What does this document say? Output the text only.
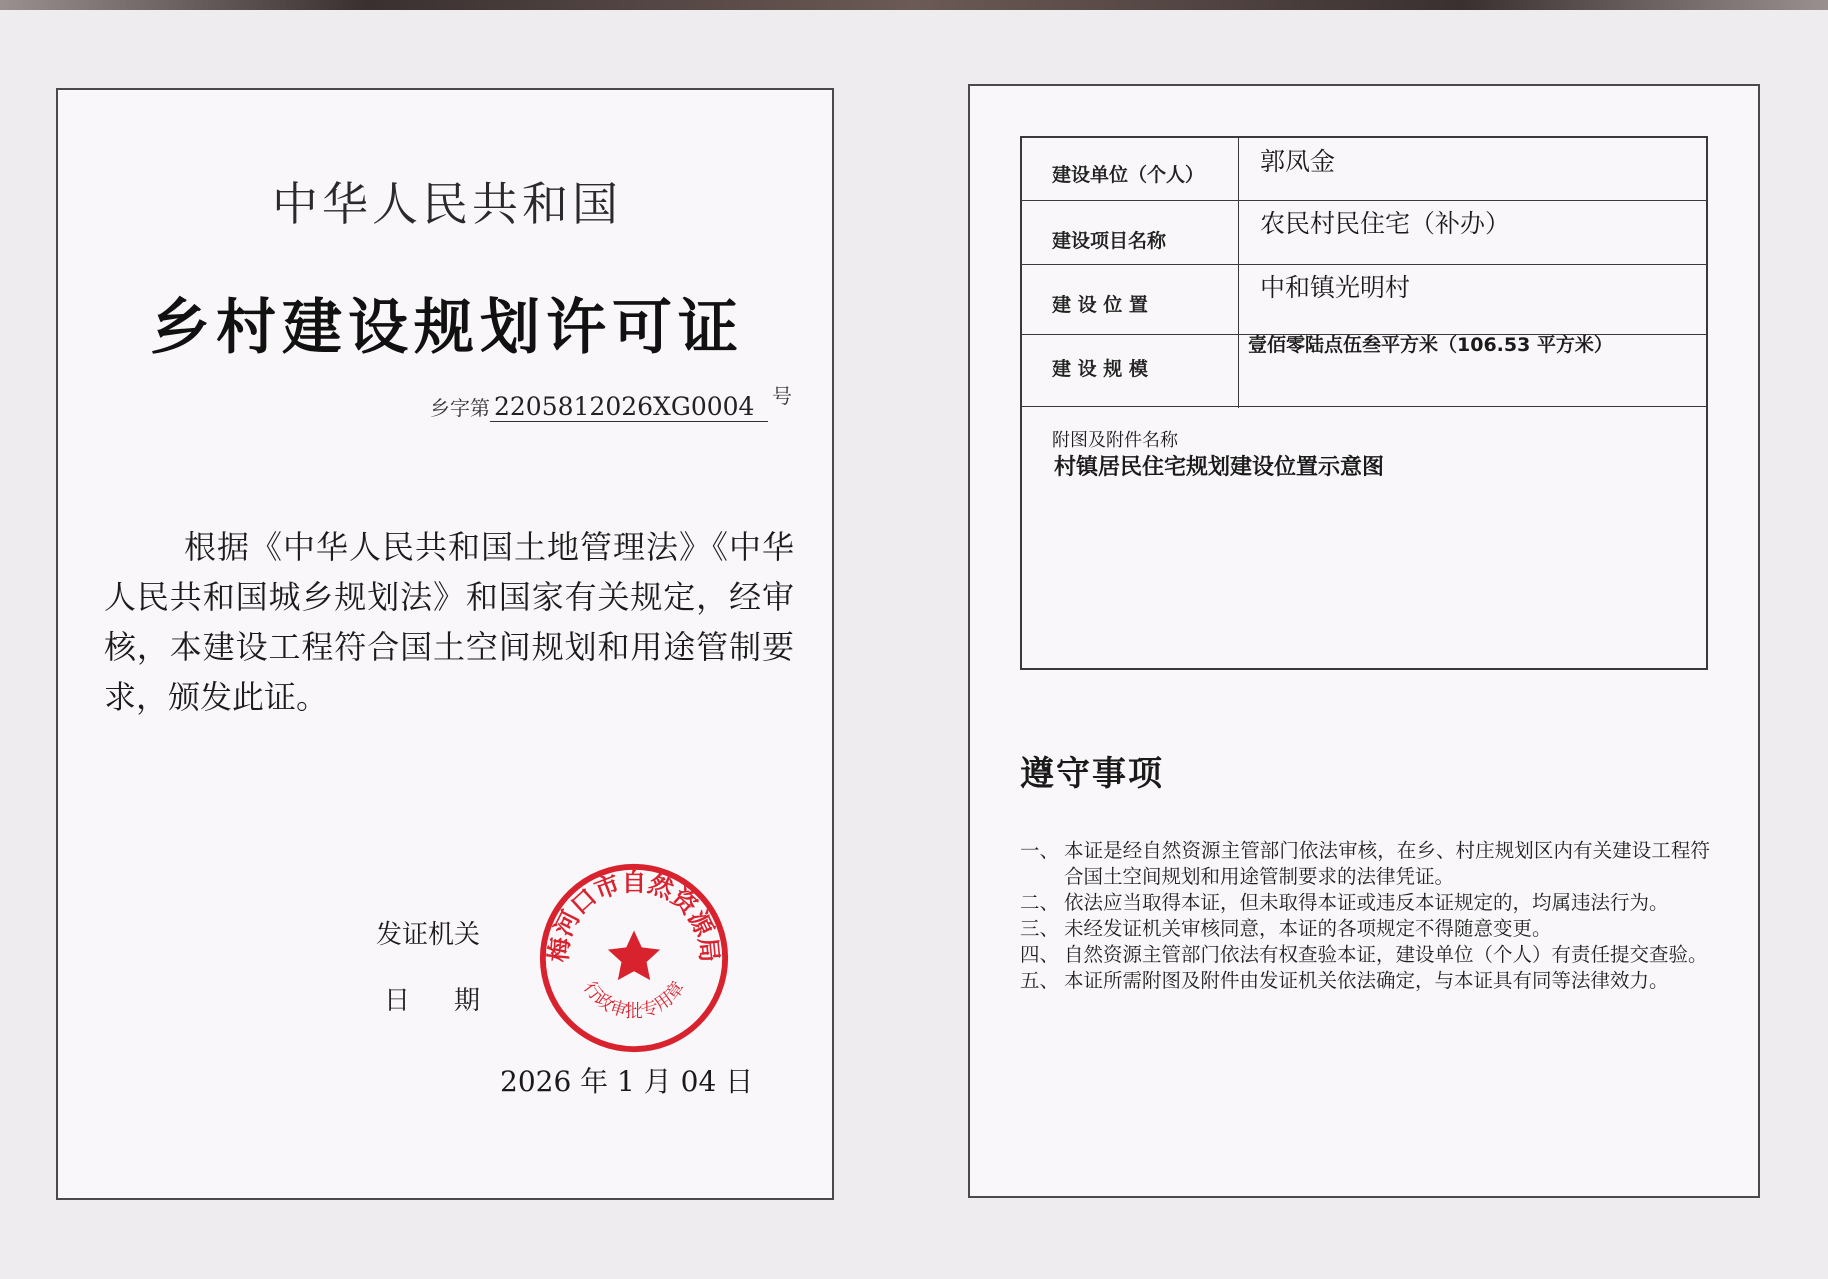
中华人民共和国
乡村建设规划许可证
乡字第 2205812026XG0004 号
根据《中华人民共和国土地管理法》《中华人民共和国城乡规划法》和国家有关规定，经审核，本建设工程符合国土空间规划和用途管制要求，颁发此证。
发证机关
日期
2026 年 1 月 04 日
梅河口市自然资源局
行政审批专用章
建设单位（个人） 郭凤金
建设项目名称
农民村民住宅（补办）
建 设 位 置
中和镇光明村
建 设 规 模
壹佰零陆点伍叁平方米（106.53 平方米）
附图及附件名称
村镇居民住宅规划建设位置示意图
遵守事项
一、 本证是经自然资源主管部门依法审核，在乡、村庄规划区内有关建设工程符合国土空间规划和用途管制要求的法律凭证。
二、 依法应当取得本证，但未取得本证或违反本证规定的，均属违法行为。
三、 未经发证机关审核同意，本证的各项规定不得随意变更。
四、 自然资源主管部门依法有权查验本证，建设单位（个人）有责任提交查验。
五、 本证所需附图及附件由发证机关依法确定，与本证具有同等法律效力。
